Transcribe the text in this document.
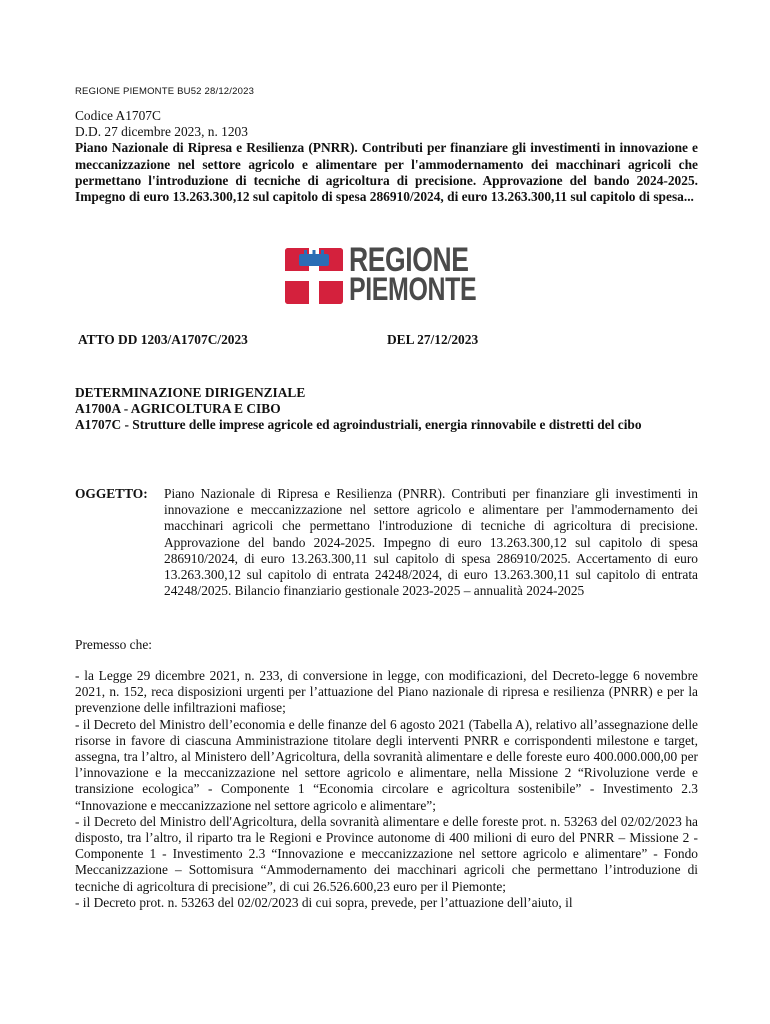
REGIONE PIEMONTE BU52 28/12/2023
Codice A1707C
D.D. 27 dicembre 2023, n. 1203
Piano Nazionale di Ripresa e Resilienza (PNRR). Contributi per finanziare gli investimenti in innovazione e meccanizzazione nel settore agricolo e alimentare per l'ammodernamento dei macchinari agricoli che permettano l'introduzione di tecniche di agricoltura di precisione. Approvazione del bando 2024-2025. Impegno di euro 13.263.300,12 sul capitolo di spesa 286910/2024, di euro 13.263.300,11 sul capitolo di spesa...
REGIONE
PIEMONTE
ATTO DD 1203/A1707C/2023	DEL 27/12/2023
DETERMINAZIONE DIRIGENZIALE
A1700A - AGRICOLTURA E CIBO
A1707C - Strutture delle imprese agricole ed agroindustriali, energia rinnovabile e distretti del cibo
OGGETTO: Piano Nazionale di Ripresa e Resilienza (PNRR). Contributi per finanziare gli investimenti in innovazione e meccanizzazione nel settore agricolo e alimentare per l'ammodernamento dei macchinari agricoli che permettano l'introduzione di tecniche di agricoltura di precisione. Approvazione del bando 2024-2025. Impegno di euro 13.263.300,12 sul capitolo di spesa 286910/2024, di euro 13.263.300,11 sul capitolo di spesa 286910/2025. Accertamento di euro 13.263.300,12 sul capitolo di entrata 24248/2024, di euro 13.263.300,11 sul capitolo di entrata 24248/2025. Bilancio finanziario gestionale 2023-2025 – annualità 2024-2025
Premesso che:

- la Legge 29 dicembre 2021, n. 233, di conversione in legge, con modificazioni, del Decreto-legge 6 novembre 2021, n. 152, reca disposizioni urgenti per l’attuazione del Piano nazionale di ripresa e resilienza (PNRR) e per la prevenzione delle infiltrazioni mafiose;

- il Decreto del Ministro dell’economia e delle finanze del 6 agosto 2021 (Tabella A), relativo all’assegnazione delle risorse in favore di ciascuna Amministrazione titolare degli interventi PNRR e corrispondenti milestone e target, assegna, tra l’altro, al Ministero dell’Agricoltura, della sovranità alimentare e delle foreste euro 400.000.000,00 per l’innovazione e la meccanizzazione nel settore agricolo e alimentare, nella Missione 2 “Rivoluzione verde e transizione ecologica” - Componente 1 “Economia circolare e agricoltura sostenibile” - Investimento 2.3 “Innovazione e meccanizzazione nel settore agricolo e alimentare”;

- il Decreto del Ministro dell'Agricoltura, della sovranità alimentare e delle foreste prot. n. 53263 del 02/02/2023 ha disposto, tra l’altro, il riparto tra le Regioni e Province autonome di 400 milioni di euro del PNRR – Missione 2 - Componente 1 - Investimento 2.3 “Innovazione e meccanizzazione nel settore agricolo e alimentare” - Fondo Meccanizzazione – Sottomisura “Ammodernamento dei macchinari agricoli che permettano l’introduzione di tecniche di agricoltura di precisione”, di cui 26.526.600,23 euro per il Piemonte;

- il Decreto prot. n. 53263 del 02/02/2023 di cui sopra, prevede, per l’attuazione dell’aiuto, il
